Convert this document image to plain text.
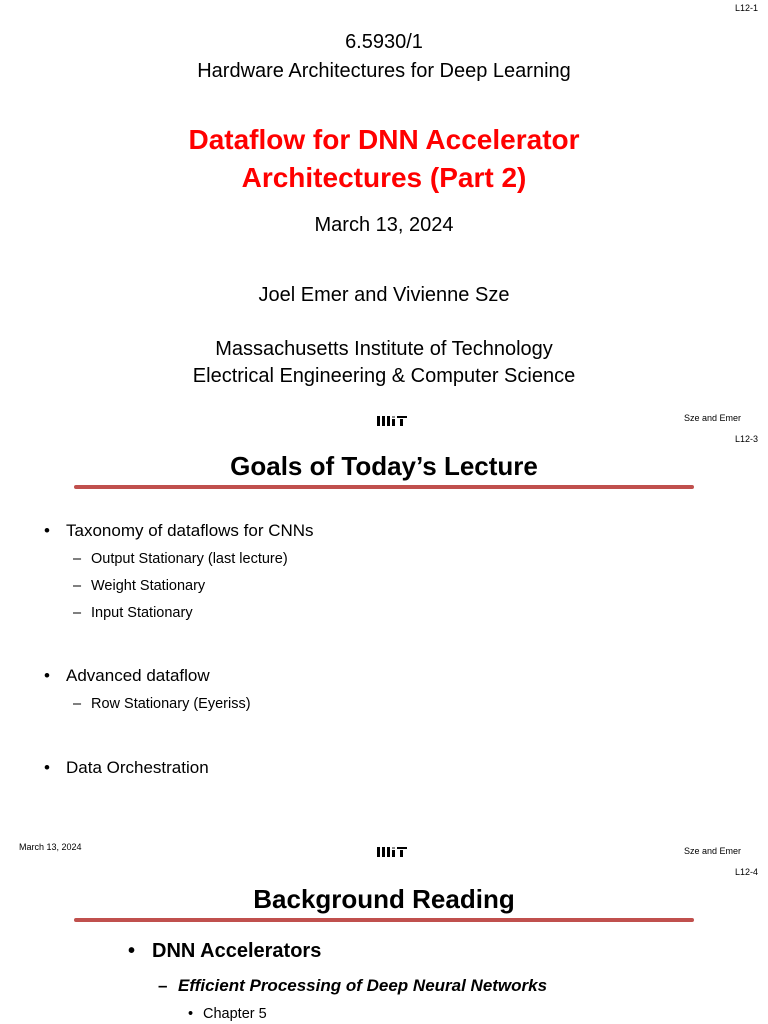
L12-1
6.5930/1
Hardware Architectures for Deep Learning
Dataflow for DNN Accelerator
Architectures (Part 2)
March 13, 2024
Joel Emer and Vivienne Sze
Massachusetts Institute of Technology
Electrical Engineering & Computer Science
Sze and Emer
L12-3
Goals of Today’s Lecture
• Taxonomy of dataflows for CNNs
– Output Stationary (last lecture)
– Weight Stationary
– Input Stationary
• Advanced dataflow
– Row Stationary (Eyeriss)
• Data Orchestration
March 13, 2024	Sze and Emer
L12-4
Background Reading
• DNN Accelerators
– Efficient Processing of Deep Neural Networks
• Chapter 5
